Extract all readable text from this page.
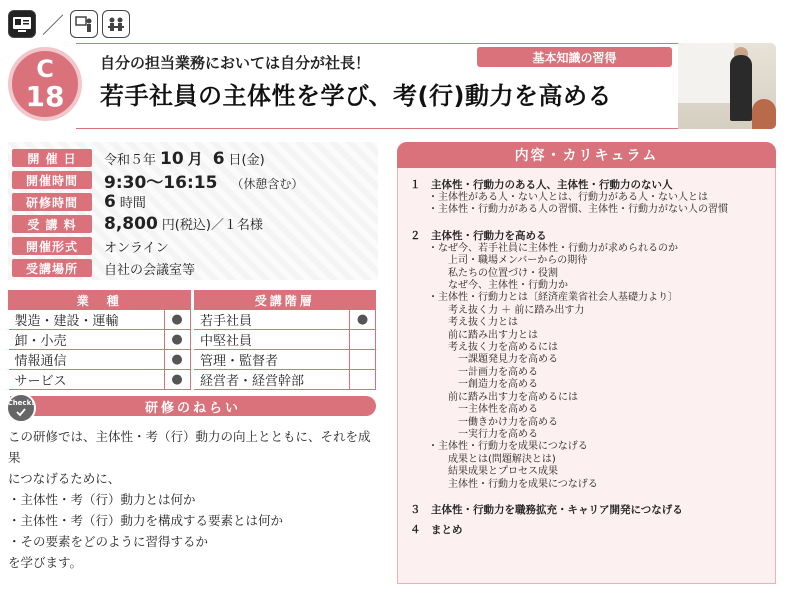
／
C
18
自分の担当業務においては自分が社長！
若手社員の主体性を学び、考(行)動力を高める
基本知識の習得
開 催 日	令和５年 10 月 6 日(金)
開催時間	9:30～16:15 （休憩含む）
研修時間	6 時間
受 講 料	8,800 円(税込)／１名様
開催形式	オンライン
受講場所	自社の会議室等
業　種			受講階層	
製造・建設・運輸	●		若手社員	●
卸・小売	●		中堅社員	
情報通信	●		管理・監督者	
サービス	●		経営者・経営幹部	
研修のねらい
Check!
この研修では、主体性・考（行）動力の向上とともに、それを成果
につなげるために、
・主体性・考（行）動力とは何か
・主体性・考（行）動力を構成する要素とは何か
・その要素をどのように習得するか
を学びます。
内容・カリキュラム
１　主体性・行動力のある人、主体性・行動力のない人
・主体性がある人・ない人とは、行動力がある人・ない人とは
・主体性・行動力がある人の習慣、主体性・行動力がない人の習慣
２　主体性・行動力を高める
・なぜ今、若手社員に主体性・行動力が求められるのか
上司・職場メンバーからの期待
私たちの位置づけ・役割
なぜ今、主体性・行動力か
・主体性・行動力とは〔経済産業省社会人基礎力より〕
考え抜く力 ＋ 前に踏み出す力
考え抜く力とは
前に踏み出す力とは
考え抜く力を高めるには
一課題発見力を高める
一計画力を高める
一創造力を高める
前に踏み出す力を高めるには
一主体性を高める
一働きかけ力を高める
一実行力を高める
・主体性・行動力を成果につなげる
成果とは(問題解決とは)
結果成果とプロセス成果
主体性・行動力を成果につなげる
３　主体性・行動力を職務拡充・キャリア開発につなげる
４　まとめ
